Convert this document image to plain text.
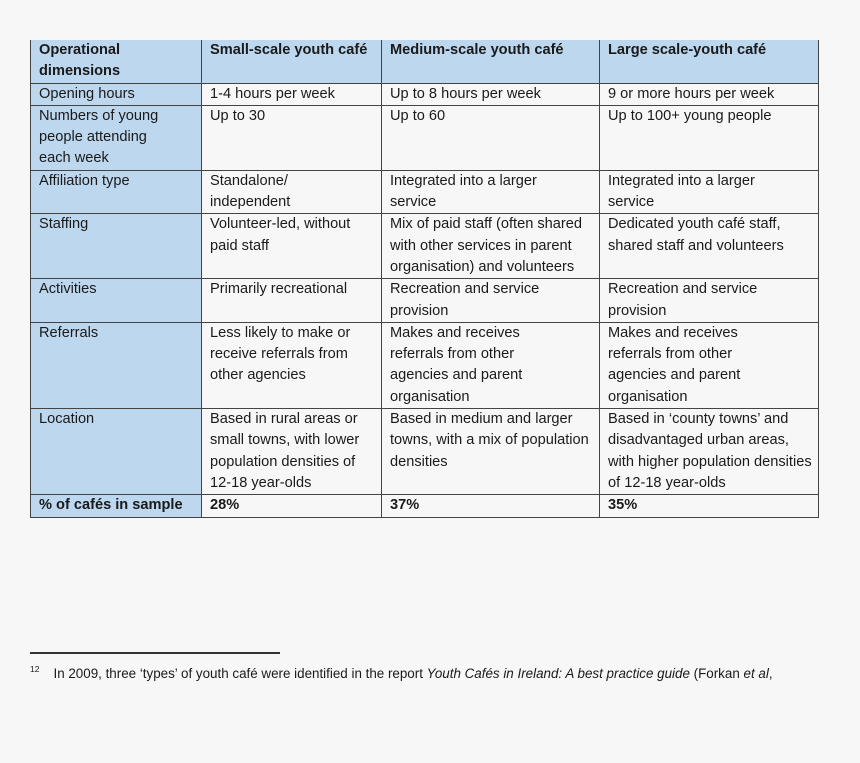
Operational dimensions	Small-scale youth café	Medium-scale youth café	Large scale-youth café
Opening hours	1-4 hours per week	Up to 8 hours per week	9 or more hours per week
Numbers of young people attending each week	Up to 30	Up to 60	Up to 100+ young people
Affiliation type	Standalone/ independent	Integrated into a larger service	Integrated into a larger service
Staffing	Volunteer-led, without paid staff	Mix of paid staff (often shared with other services in parent organisation) and volunteers	Dedicated youth café staff, shared staff and volunteers
Activities	Primarily recreational	Recreation and service provision	Recreation and service provision
Referrals	Less likely to make or receive referrals from other agencies	Makes and receives referrals from other agencies and parent organisation	Makes and receives referrals from other agencies and parent organisation
Location	Based in rural areas or small towns, with lower population densities of 12-18 year-olds	Based in medium and larger towns, with a mix of population densities	Based in ‘county towns’ and disadvantaged urban areas, with higher population densities of 12-18 year-olds
% of cafés in sample	28%	37%	35%
$^{12}$ In 2009, three ‘types’ of youth café were identified in the report Youth Cafés in Ireland: A best practice guide (Forkan et al,
